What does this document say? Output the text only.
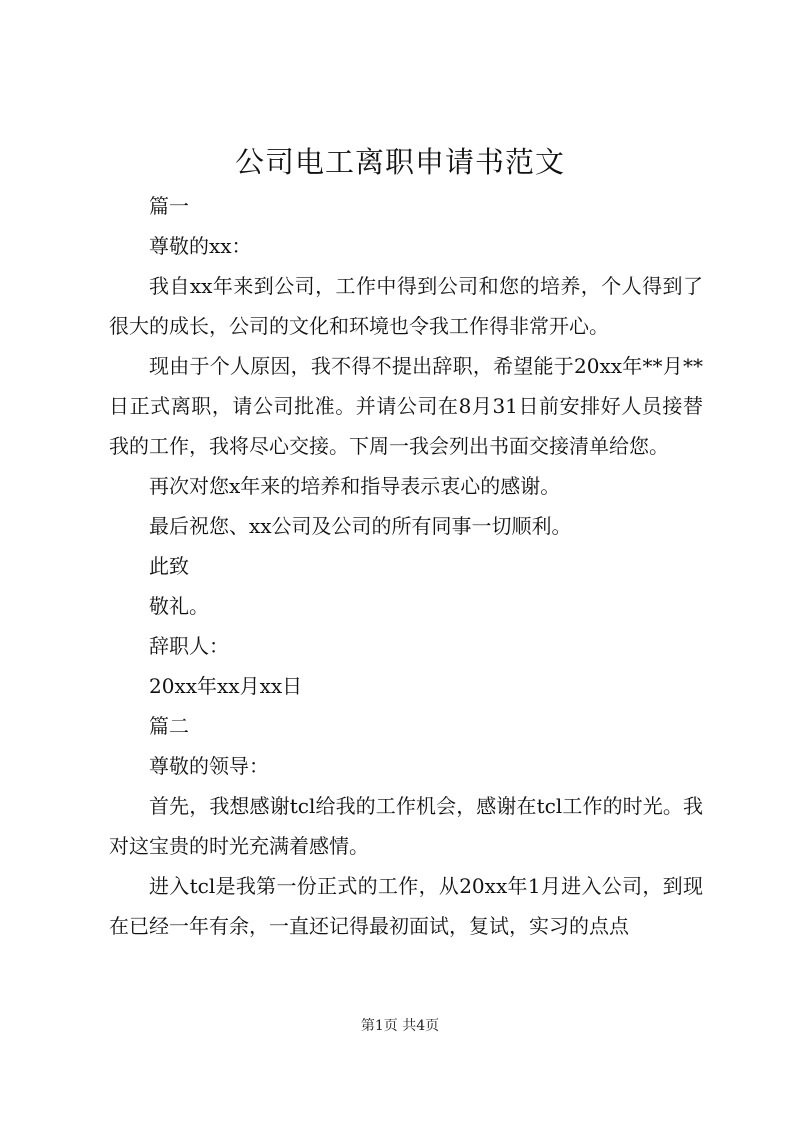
公司电工离职申请书范文

篇一

尊敬的xx：

我自xx年来到公司，工作中得到公司和您的培养，个人得到了很大的成长，公司的文化和环境也令我工作得非常开心。

现由于个人原因，我不得不提出辞职，希望能于20xx年**月**日正式离职，请公司批准。并请公司在8月31日前安排好人员接替我的工作，我将尽心交接。下周一我会列出书面交接清单给您。

再次对您x年来的培养和指导表示衷心的感谢。

最后祝您、xx公司及公司的所有同事一切顺利。

此致

敬礼。

辞职人：

20xx年xx月xx日

篇二

尊敬的领导：

首先，我想感谢tcl给我的工作机会，感谢在tcl工作的时光。我对这宝贵的时光充满着感情。

进入tcl是我第一份正式的工作，从20xx年1月进入公司，到现在已经一年有余，一直还记得最初面试，复试，实习的点点

第1页 共4页
